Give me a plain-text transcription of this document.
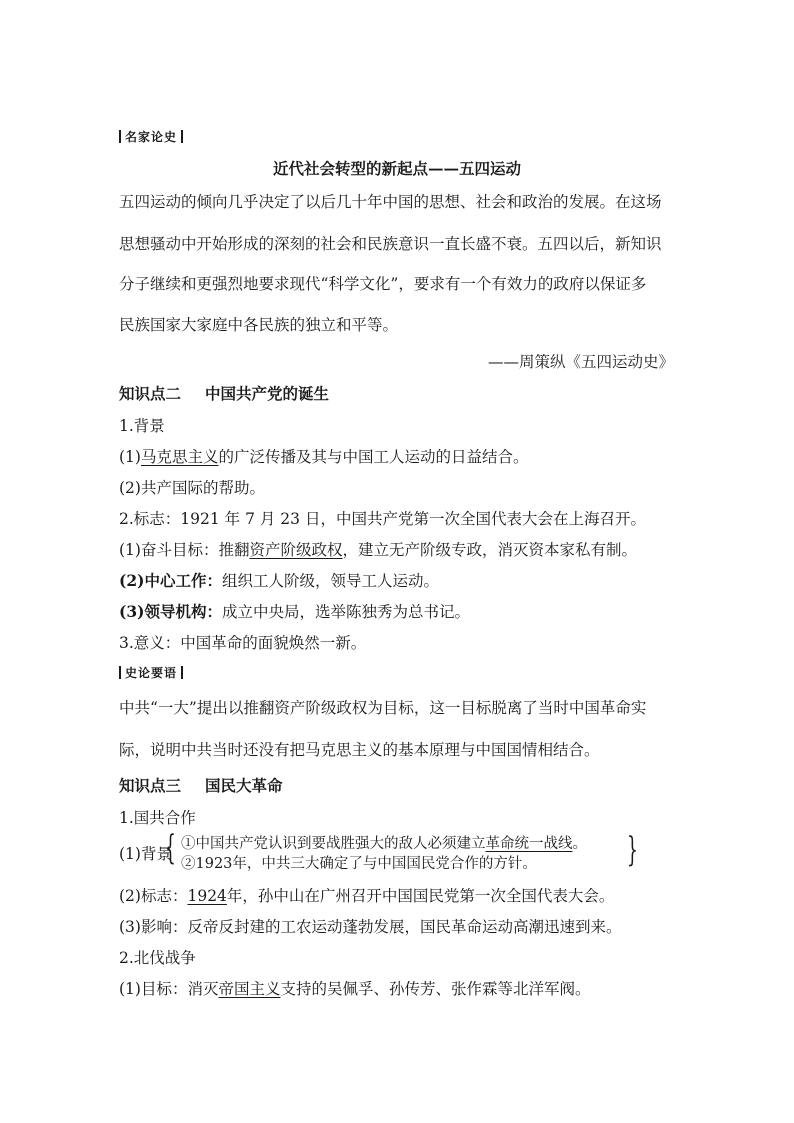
名家论史
近代社会转型的新起点——五四运动
五四运动的倾向几乎决定了以后几十年中国的思想、社会和政治的发展。在这场
思想骚动中开始形成的深刻的社会和民族意识一直长盛不衰。五四以后，新知识
分子继续和更强烈地要求现代“科学文化”，要求有一个有效力的政府以保证多
民族国家大家庭中各民族的独立和平等。
——周策纵《五四运动史》
知识点二 中国共产党的诞生
1.背景
(1)马克思主义的广泛传播及其与中国工人运动的日益结合。
(2)共产国际的帮助。
2.标志：1921 年 7 月 23 日，中国共产党第一次全国代表大会在上海召开。
(1)奋斗目标：推翻资产阶级政权，建立无产阶级专政，消灭资本家私有制。
(2)中心工作：组织工人阶级，领导工人运动。
(3)领导机构：成立中央局，选举陈独秀为总书记。
3.意义：中国革命的面貌焕然一新。
史论要语
中共“一大”提出以推翻资产阶级政权为目标，这一目标脱离了当时中国革命实
际，说明中共当时还没有把马克思主义的基本原理与中国国情相结合。
知识点三 国民大革命
1.国共合作
(1)背景
{ ①中国共产党认识到要战胜强大的敌人必须建立革命统一战线。
②1923年，中共三大确定了与中国国民党合作的方针。	}
(2)标志：1924年，孙中山在广州召开中国国民党第一次全国代表大会。
(3)影响：反帝反封建的工农运动蓬勃发展，国民革命运动高潮迅速到来。
2.北伐战争
(1)目标：消灭帝国主义支持的吴佩孚、孙传芳、张作霖等北洋军阀。
